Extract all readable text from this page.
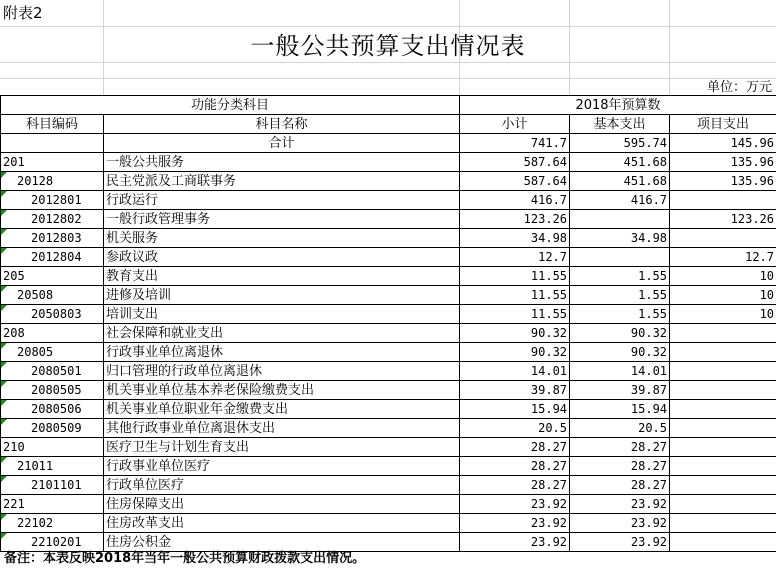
附表2
一般公共预算支出情况表
单位：万元
功能分类科目		2018年预算数		
科目编码	科目名称	小计	基本支出	项目支出
	合计	741.7	595.74	145.96
201	一般公共服务	587.64	451.68	135.96

20128	民主党派及工商联事务	587.64	451.68	135.96

2012801	行政运行	416.7	416.7	

2012802	一般行政管理事务	123.26		123.26

2012803	机关服务	34.98	34.98	

2012804	参政议政	12.7		12.7
205	教育支出	11.55	1.55	10

20508	进修及培训	11.55	1.55	10

2050803	培训支出	11.55	1.55	10
208	社会保障和就业支出	90.32	90.32	

20805	行政事业单位离退休	90.32	90.32	

2080501	归口管理的行政单位离退休	14.01	14.01	

2080505	机关事业单位基本养老保险缴费支出	39.87	39.87	

2080506	机关事业单位职业年金缴费支出	15.94	15.94	

2080509	其他行政事业单位离退休支出	20.5	20.5	
210	医疗卫生与计划生育支出	28.27	28.27	

21011	行政事业单位医疗	28.27	28.27	

2101101	行政单位医疗	28.27	28.27	
221	住房保障支出	23.92	23.92	

22102	住房改革支出	23.92	23.92	

2210201	住房公积金	23.92	23.92	
备注：本表反映2018年当年一般公共预算财政拨款支出情况。
